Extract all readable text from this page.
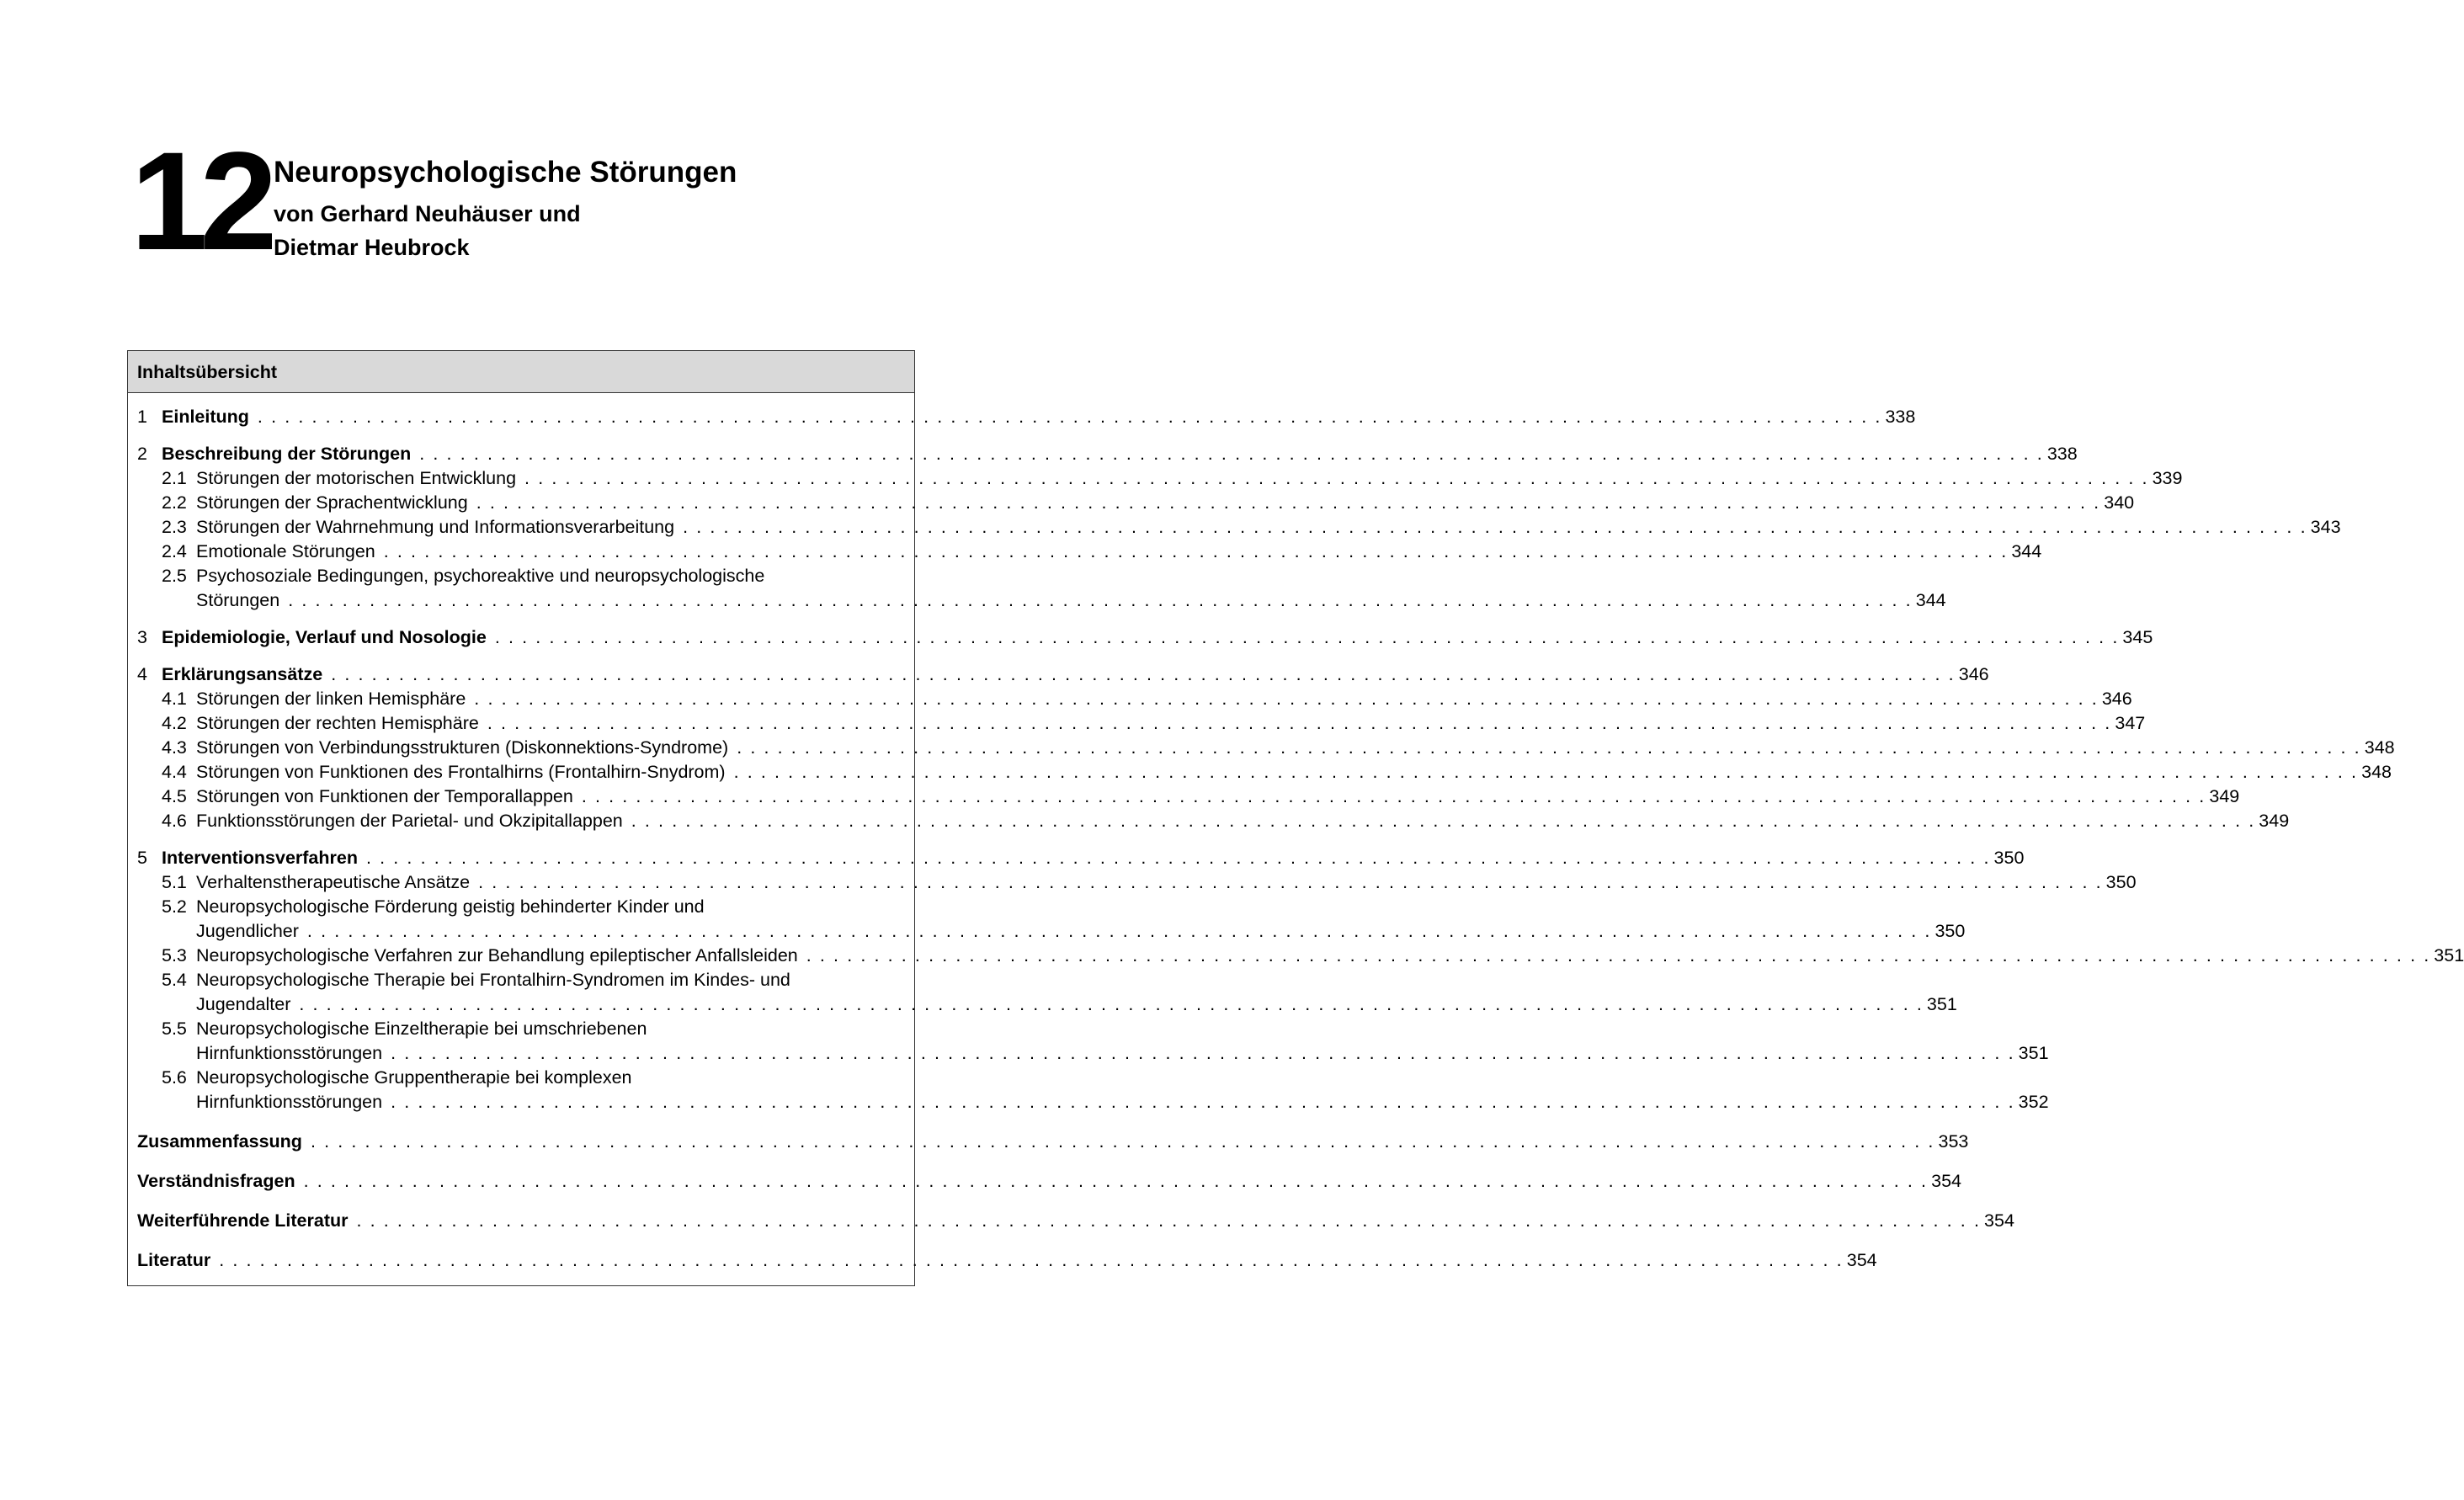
12 Neuropsychologische Störungen
von Gerhard Neuhäuser und
Dietmar Heubrock
Inhaltsübersicht
1 Einleitung . . . . . . . . . . . . . . . . . . . . . . . . . . . . . . . . . . . . . . . . . . . . . . . . . . . . . . . . . . . . . . . . . . . . . . . . . . . . . . . . . . . . . . . . . . . . . . . . . . . . . . . . . . . . . . . . . . . . . . . . 338
2 Beschreibung der Störungen . . . . . . . . . . . . . . . . . . . . . . . . . . . . . . . . . . . . . . . . . . . . . . . . . . . . . . . . . . . . . . . . . . . . . . . . . . . . . . . . . . . . . . . . . . . . . . . . . . . . . . . . . . . . . . . . . . . . . . . . 338
2.1 Störungen der motorischen Entwicklung . . . . . . . . . . . . . . . . . . . . . . . . . . . . . . . . . . . . . . . . . . . . . . . . . . . . . . . . . . . . . . . . . . . . . . . . . . . . . . . . . . . . . . . . . . . . . . . . . . . . . . . . . . . . . . . . . . . . . . . . 339
2.2 Störungen der Sprachentwicklung . . . . . . . . . . . . . . . . . . . . . . . . . . . . . . . . . . . . . . . . . . . . . . . . . . . . . . . . . . . . . . . . . . . . . . . . . . . . . . . . . . . . . . . . . . . . . . . . . . . . . . . . . . . . . . . . . . . . . . . . 340
2.3 Störungen der Wahrnehmung und Informationsverarbeitung . . . . . . . . . . . . . . . . . . . . . . . . . . . . . . . . . . . . . . . . . . . . . . . . . . . . . . . . . . . . . . . . . . . . . . . . . . . . . . . . . . . . . . . . . . . . . . . . . . . . . . . . . . . . . . . . . . . . . . . . 343
2.4 Emotionale Störungen . . . . . . . . . . . . . . . . . . . . . . . . . . . . . . . . . . . . . . . . . . . . . . . . . . . . . . . . . . . . . . . . . . . . . . . . . . . . . . . . . . . . . . . . . . . . . . . . . . . . . . . . . . . . . . . . . . . . . . . . 344
2.5 Psychosoziale Bedingungen, psychoreaktive und neuropsychologische
Störungen . . . . . . . . . . . . . . . . . . . . . . . . . . . . . . . . . . . . . . . . . . . . . . . . . . . . . . . . . . . . . . . . . . . . . . . . . . . . . . . . . . . . . . . . . . . . . . . . . . . . . . . . . . . . . . . . . . . . . . . . 344
3 Epidemiologie, Verlauf und Nosologie . . . . . . . . . . . . . . . . . . . . . . . . . . . . . . . . . . . . . . . . . . . . . . . . . . . . . . . . . . . . . . . . . . . . . . . . . . . . . . . . . . . . . . . . . . . . . . . . . . . . . . . . . . . . . . . . . . . . . . . . 345
4 Erklärungsansätze . . . . . . . . . . . . . . . . . . . . . . . . . . . . . . . . . . . . . . . . . . . . . . . . . . . . . . . . . . . . . . . . . . . . . . . . . . . . . . . . . . . . . . . . . . . . . . . . . . . . . . . . . . . . . . . . . . . . . . . . 346
4.1 Störungen der linken Hemisphäre . . . . . . . . . . . . . . . . . . . . . . . . . . . . . . . . . . . . . . . . . . . . . . . . . . . . . . . . . . . . . . . . . . . . . . . . . . . . . . . . . . . . . . . . . . . . . . . . . . . . . . . . . . . . . . . . . . . . . . . . 346
4.2 Störungen der rechten Hemisphäre . . . . . . . . . . . . . . . . . . . . . . . . . . . . . . . . . . . . . . . . . . . . . . . . . . . . . . . . . . . . . . . . . . . . . . . . . . . . . . . . . . . . . . . . . . . . . . . . . . . . . . . . . . . . . . . . . . . . . . . . 347
4.3 Störungen von Verbindungsstrukturen (Diskonnektions-Syndrome) . . . . . . . . . . . . . . . . . . . . . . . . . . . . . . . . . . . . . . . . . . . . . . . . . . . . . . . . . . . . . . . . . . . . . . . . . . . . . . . . . . . . . . . . . . . . . . . . . . . . . . . . . . . . . . . . . . . . . . . . 348
4.4 Störungen von Funktionen des Frontalhirns (Frontalhirn-Snydrom) . . . . . . . . . . . . . . . . . . . . . . . . . . . . . . . . . . . . . . . . . . . . . . . . . . . . . . . . . . . . . . . . . . . . . . . . . . . . . . . . . . . . . . . . . . . . . . . . . . . . . . . . . . . . . . . . . . . . . . . . 348
4.5 Störungen von Funktionen der Temporallappen . . . . . . . . . . . . . . . . . . . . . . . . . . . . . . . . . . . . . . . . . . . . . . . . . . . . . . . . . . . . . . . . . . . . . . . . . . . . . . . . . . . . . . . . . . . . . . . . . . . . . . . . . . . . . . . . . . . . . . . . 349
4.6 Funktionsstörungen der Parietal- und Okzipitallappen . . . . . . . . . . . . . . . . . . . . . . . . . . . . . . . . . . . . . . . . . . . . . . . . . . . . . . . . . . . . . . . . . . . . . . . . . . . . . . . . . . . . . . . . . . . . . . . . . . . . . . . . . . . . . . . . . . . . . . . . 349
5 Interventionsverfahren . . . . . . . . . . . . . . . . . . . . . . . . . . . . . . . . . . . . . . . . . . . . . . . . . . . . . . . . . . . . . . . . . . . . . . . . . . . . . . . . . . . . . . . . . . . . . . . . . . . . . . . . . . . . . . . . . . . . . . . . 350
5.1 Verhaltenstherapeutische Ansätze . . . . . . . . . . . . . . . . . . . . . . . . . . . . . . . . . . . . . . . . . . . . . . . . . . . . . . . . . . . . . . . . . . . . . . . . . . . . . . . . . . . . . . . . . . . . . . . . . . . . . . . . . . . . . . . . . . . . . . . . 350
5.2 Neuropsychologische Förderung geistig behinderter Kinder und
Jugendlicher . . . . . . . . . . . . . . . . . . . . . . . . . . . . . . . . . . . . . . . . . . . . . . . . . . . . . . . . . . . . . . . . . . . . . . . . . . . . . . . . . . . . . . . . . . . . . . . . . . . . . . . . . . . . . . . . . . . . . . . . 350
5.3 Neuropsychologische Verfahren zur Behandlung epileptischer Anfallsleiden . . . . . . . . . . . . . . . . . . . . . . . . . . . . . . . . . . . . . . . . . . . . . . . . . . . . . . . . . . . . . . . . . . . . . . . . . . . . . . . . . . . . . . . . . . . . . . . . . . . . . . . . . . . . . . . . . . . . . . . . 351
5.4 Neuropsychologische Therapie bei Frontalhirn-Syndromen im Kindes- und
Jugendalter . . . . . . . . . . . . . . . . . . . . . . . . . . . . . . . . . . . . . . . . . . . . . . . . . . . . . . . . . . . . . . . . . . . . . . . . . . . . . . . . . . . . . . . . . . . . . . . . . . . . . . . . . . . . . . . . . . . . . . . . 351
5.5 Neuropsychologische Einzeltherapie bei umschriebenen
Hirnfunktionsstörungen . . . . . . . . . . . . . . . . . . . . . . . . . . . . . . . . . . . . . . . . . . . . . . . . . . . . . . . . . . . . . . . . . . . . . . . . . . . . . . . . . . . . . . . . . . . . . . . . . . . . . . . . . . . . . . . . . . . . . . . . 351
5.6 Neuropsychologische Gruppentherapie bei komplexen
Hirnfunktionsstörungen . . . . . . . . . . . . . . . . . . . . . . . . . . . . . . . . . . . . . . . . . . . . . . . . . . . . . . . . . . . . . . . . . . . . . . . . . . . . . . . . . . . . . . . . . . . . . . . . . . . . . . . . . . . . . . . . . . . . . . . . 352
Zusammenfassung . . . . . . . . . . . . . . . . . . . . . . . . . . . . . . . . . . . . . . . . . . . . . . . . . . . . . . . . . . . . . . . . . . . . . . . . . . . . . . . . . . . . . . . . . . . . . . . . . . . . . . . . . . . . . . . . . . . . . . . . 353
Verständnisfragen . . . . . . . . . . . . . . . . . . . . . . . . . . . . . . . . . . . . . . . . . . . . . . . . . . . . . . . . . . . . . . . . . . . . . . . . . . . . . . . . . . . . . . . . . . . . . . . . . . . . . . . . . . . . . . . . . . . . . . . . 354
Weiterführende Literatur . . . . . . . . . . . . . . . . . . . . . . . . . . . . . . . . . . . . . . . . . . . . . . . . . . . . . . . . . . . . . . . . . . . . . . . . . . . . . . . . . . . . . . . . . . . . . . . . . . . . . . . . . . . . . . . . . . . . . . . . 354
Literatur . . . . . . . . . . . . . . . . . . . . . . . . . . . . . . . . . . . . . . . . . . . . . . . . . . . . . . . . . . . . . . . . . . . . . . . . . . . . . . . . . . . . . . . . . . . . . . . . . . . . . . . . . . . . . . . . . . . . . . . . 354
